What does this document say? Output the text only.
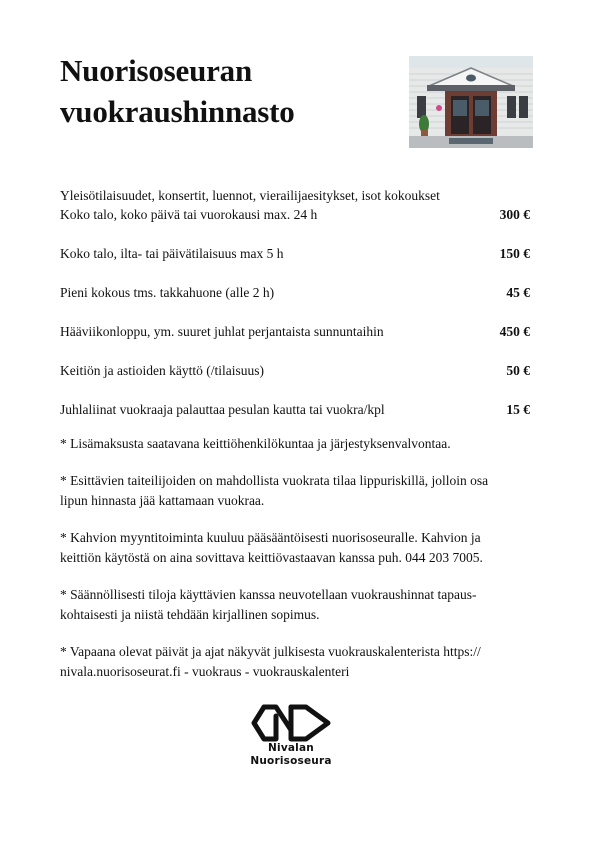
Nuorisoseuran
vuokraushinnasto
Yleisötilaisuudet, konsertit, luennot, vierailijaesitykset, isot kokoukset
Koko talo, koko päivä tai vuorokausi max. 24 h	300 €
Koko talo, ilta- tai päivätilaisuus max 5 h	150 €
Pieni kokous tms. takkahuone (alle 2 h)	45 €
Hääviikonloppu, ym. suuret juhlat perjantaista sunnuntaihin	450 €
Keitiön ja astioiden käyttö (/tilaisuus)	50 €
Juhlaliinat vuokraaja palauttaa pesulan kautta tai vuokra/kpl	15 €

* Lisämaksusta saatavana keittiöhenkilökuntaa ja järjestyksenvalvontaa.

* Esittävien taiteilijoiden on mahdollista vuokrata tilaa lippuriskillä, jolloin osa
lipun hinnasta jää kattamaan vuokraa.

* Kahvion myyntitoiminta kuuluu pääsääntöisesti nuorisoseuralle. Kahvion ja
keittiön käytöstä on aina sovittava keittiövastaavan kanssa puh. 044 203 7005.

* Säännöllisesti tiloja käyttävien kanssa neuvotellaan vuokraushinnat tapaus-
kohtaisesti ja niistä tehdään kirjallinen sopimus.

* Vapaana olevat päivät ja ajat näkyvät julkisesta vuokrauskalenterista https://
nivala.nuorisoseurat.fi - vuokraus - vuokrauskalenteri

Nivalan
Nuorisoseura
